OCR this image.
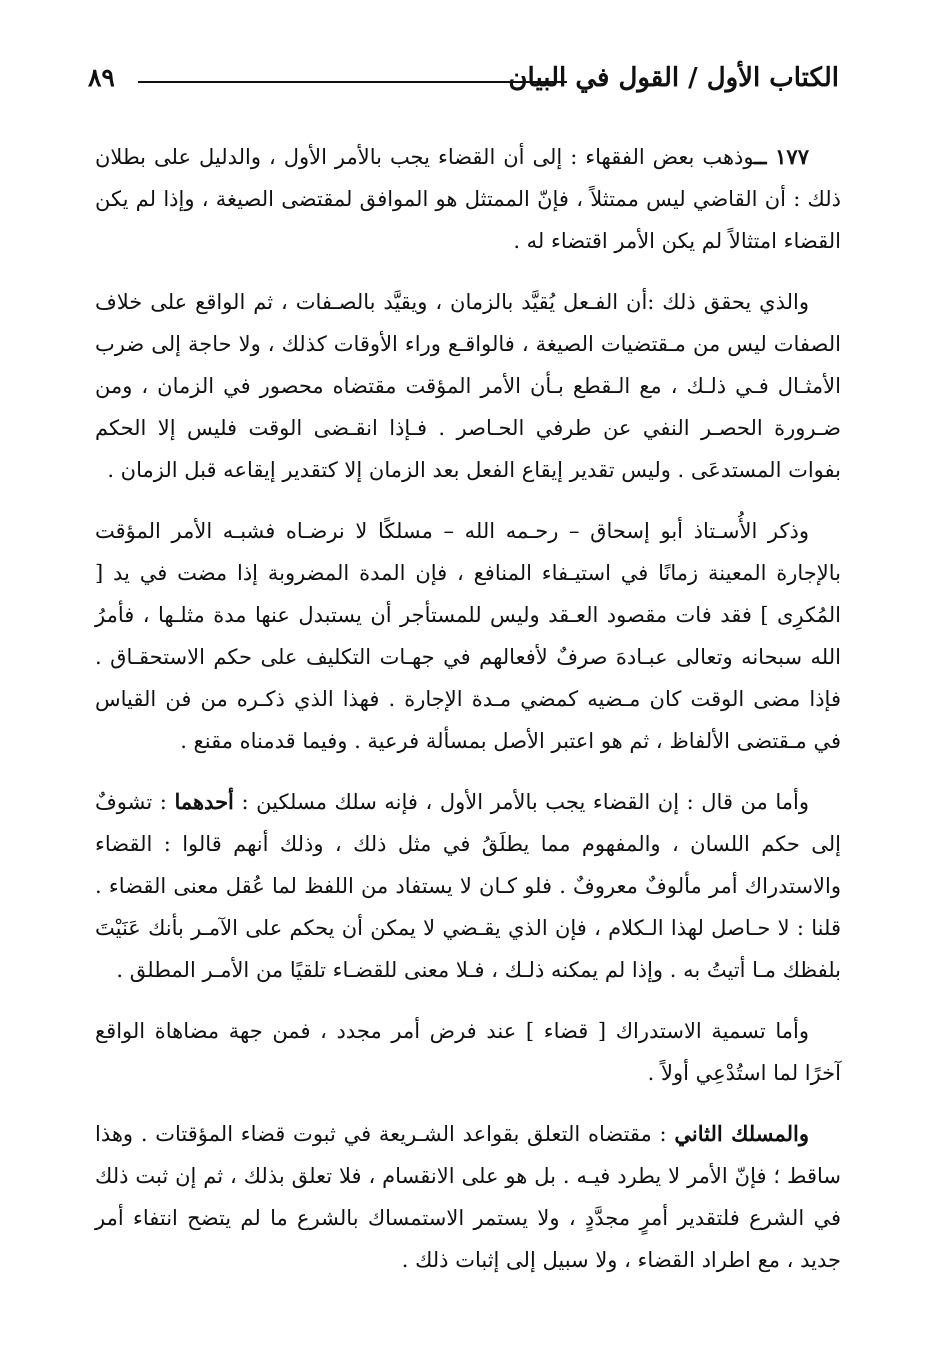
الكتاب الأول / القول في البيان
٨٩

١٧٧ ــوذهب بعض الفقهاء : إلى أن القضاء يجب بالأمر الأول ، والدليل على بطلان ذلك : أن القاضي ليس ممتثلاً ، فإنّ الممتثل هو الموافق لمقتضى الصيغة ، وإذا لم يكن القضاء امتثالاً لم يكن الأمر اقتضاء له .

والذي يحقق ذلك :أن الفـعل يُقيَّد بالزمان ، ويقيَّد بالصـفات ، ثم الواقع على خلاف الصفات ليس من مـقتضيات الصيغة ، فالواقـع وراء الأوقات كذلك ، ولا حاجة إلى ضرب الأمثـال فـي ذلـك ، مع الـقطع بـأن الأمر المؤقت مقتضاه محصور في الزمان ، ومن ضـرورة الحصـر النفي عن طرفي الحـاصر . فـإذا انقـضى الوقت فليس إلا الحكم بفوات المستدعَى . وليس تقدير إيقاع الفعل بعد الزمان إلا كتقدير إيقاعه قبل الزمان .

وذكر الأُسـتاذ أبو إسحاق – رحـمه الله – مسلكًا لا نرضـاه فشبـه الأمر المؤقت بالإجارة المعينة زمانًا في استيـفاء المنافع ، فإن المدة المضروبة إذا مضت في يد [ المُكرِى ] فقد فات مقصود العـقد وليس للمستأجر أن يستبدل عنها مدة مثلـها ، فأمرُ الله سبحانه وتعالى عبـادهَ صرفٌ لأفعالهم في جهـات التكليف على حكم الاستحقـاق . فإذا مضى الوقت كان مـضيه كمضي مـدة الإجارة . فهذا الذي ذكـره من فن القياس في مـقتضى الألفاظ ، ثم هو اعتبر الأصل بمسألة فرعية . وفيما قدمناه مقنع .

وأما من قال : إن القضاء يجب بالأمر الأول ، فإنه سلك مسلكين : أحدهما : تشوفٌ إلى حكم اللسان ، والمفهوم مما يطلَقُ في مثل ذلك ، وذلك أنهم قالوا : القضاء والاستدراك أمر مألوفٌ معروفٌ . فلو كـان لا يستفاد من اللفظ لما عُقل معنى القضاء . قلنا : لا حـاصل لهذا الـكلام ، فإن الذي يقـضي لا يمكن أن يحكم على الآمـر بأنك عَنَيْتَ بلفظك مـا أتيتُ به . وإذا لم يمكنه ذلـك ، فـلا معنى للقضـاء تلقيًا من الأمـر المطلق .

وأما تسمية الاستدراك [ قضاء ] عند فرض أمر مجدد ، فمن جهة مضاهاة الواقع آخرًا لما استُدْعِي أولاً .

والمسلك الثاني : مقتضاه التعلق بقواعد الشـريعة في ثبوت قضاء المؤقتات . وهذا ساقط ؛ فإنّ الأمر لا يطرد فيـه . بل هو على الانقسام ، فلا تعلق بذلك ، ثم إن ثبت ذلك في الشرع فلتقدير أمرٍ مجدَّدٍ ، ولا يستمر الاستمساك بالشرع ما لم يتضح انتفاء أمر جديد ، مع اطراد القضاء ، ولا سبيل إلى إثبات ذلك .
